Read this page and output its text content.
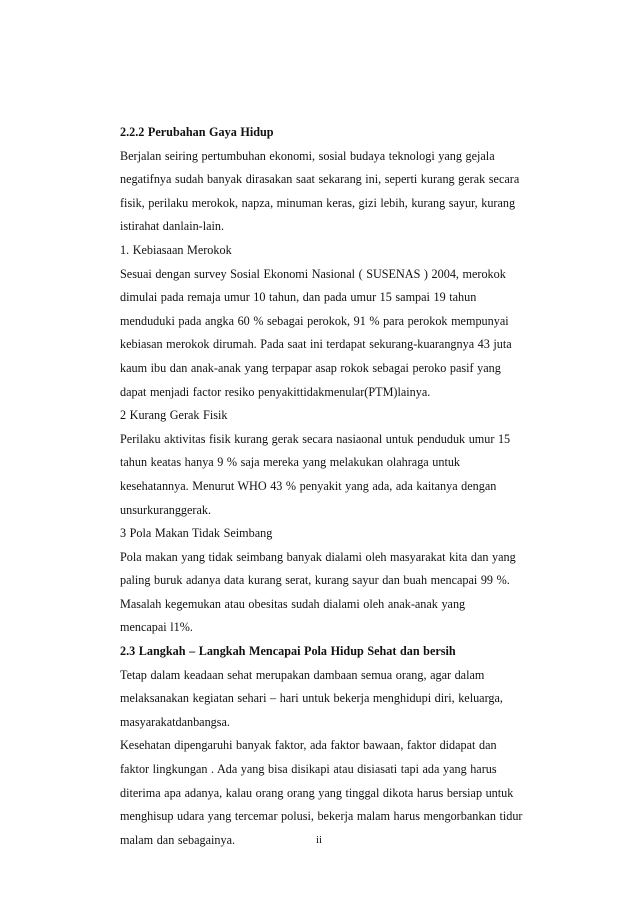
2.2.2 Perubahan Gaya Hidup
Berjalan seiring pertumbuhan ekonomi, sosial budaya teknologi yang gejala
negatifnya sudah banyak dirasakan saat sekarang ini, seperti kurang gerak secara
fisik, perilaku merokok, napza, minuman keras, gizi lebih, kurang sayur, kurang
istirahat danlain-lain.
1. Kebiasaan Merokok
Sesuai dengan survey Sosial Ekonomi Nasional ( SUSENAS ) 2004, merokok
dimulai pada remaja umur 10 tahun, dan pada umur 15 sampai 19 tahun
menduduki pada angka 60 % sebagai perokok, 91 % para perokok mempunyai
kebiasan merokok dirumah. Pada saat ini terdapat sekurang-kuarangnya 43 juta
kaum ibu dan anak-anak yang terpapar asap rokok sebagai peroko pasif yang
dapat menjadi factor resiko penyakittidakmenular(PTM)lainya.
2 Kurang Gerak Fisik
Perilaku aktivitas fisik kurang gerak secara nasiaonal untuk penduduk umur 15
tahun keatas hanya 9 % saja mereka yang melakukan olahraga untuk
kesehatannya. Menurut WHO 43 % penyakit yang ada, ada kaitanya dengan
unsurkuranggerak.
3 Pola Makan Tidak Seimbang
Pola makan yang tidak seimbang banyak dialami oleh masyarakat kita dan yang
paling buruk adanya data kurang serat, kurang sayur dan buah mencapai 99 %.
Masalah kegemukan atau obesitas sudah dialami oleh anak-anak yang
mencapai l1%.
2.3 Langkah – Langkah Mencapai Pola Hidup Sehat dan bersih
Tetap dalam keadaan sehat merupakan dambaan semua orang, agar dalam
melaksanakan kegiatan sehari – hari untuk bekerja menghidupi diri, keluarga,
masyarakatdanbangsa.
Kesehatan dipengaruhi banyak faktor, ada faktor bawaan, faktor didapat dan
faktor lingkungan . Ada yang bisa disikapi atau disiasati tapi ada yang harus
diterima apa adanya, kalau orang orang yang tinggal dikota harus bersiap untuk
menghisup udara yang tercemar polusi, bekerja malam harus mengorbankan tidur
malam dan sebagainya.	ii
